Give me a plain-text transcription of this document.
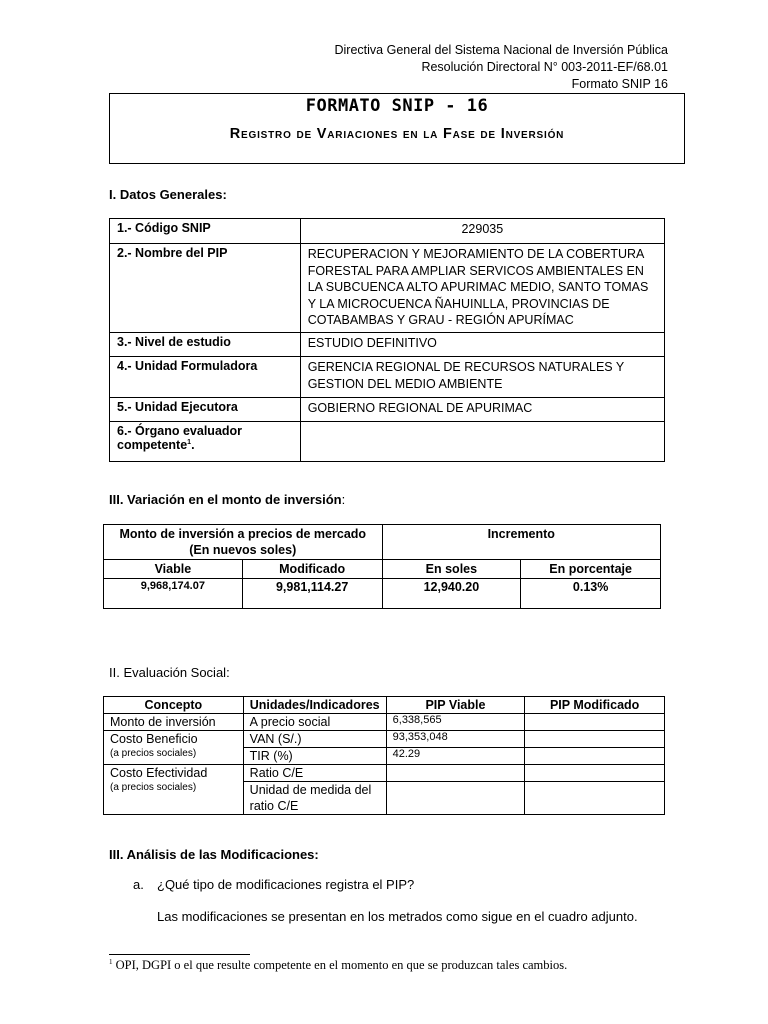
Directiva General del Sistema Nacional de Inversión Pública
Resolución Directoral N° 003-2011-EF/68.01
Formato SNIP 16
FORMATO SNIP - 16
Registro de Variaciones en la Fase de Inversión
I. Datos Generales:
1.- Código SNIP	229035
2.- Nombre del PIP	RECUPERACION Y MEJORAMIENTO DE LA COBERTURA FORESTAL PARA AMPLIAR SERVICOS AMBIENTALES EN LA SUBCUENCA ALTO APURIMAC MEDIO, SANTO TOMAS Y LA MICROCUENCA ÑAHUINLLA, PROVINCIAS DE COTABAMBAS Y GRAU - REGIÓN APURÍMAC
3.- Nivel de estudio	ESTUDIO DEFINITIVO
4.- Unidad Formuladora	GERENCIA REGIONAL DE RECURSOS NATURALES Y GESTION DEL MEDIO AMBIENTE
5.- Unidad Ejecutora	GOBIERNO REGIONAL DE APURIMAC
6.- Órgano evaluador competente$^1$.	
III. Variación en el monto de inversión:
Monto de inversión a precios de mercado
(En nuevos soles)		Incremento	
Viable	Modificado	En soles	En porcentaje
9,968,174.07	9,981,114.27	12,940.20	0.13%
II. Evaluación Social:
Concepto	Unidades/Indicadores	PIP Viable	PIP Modificado
Monto de inversión	A precio social	6,338,565	
Costo Beneficio
(a precios sociales)	VAN (S/.)	93,353,048	
	TIR (%)	42.29	
Costo Efectividad
(a precios sociales)	Ratio C/E		
	Unidad de medida del ratio C/E		
III. Análisis de las Modificaciones:
a. ¿Qué tipo de modificaciones registra el PIP?
Las modificaciones se presentan en los metrados como sigue en el cuadro adjunto.
$^1$ OPI, DGPI o el que resulte competente en el momento en que se produzcan tales cambios.
